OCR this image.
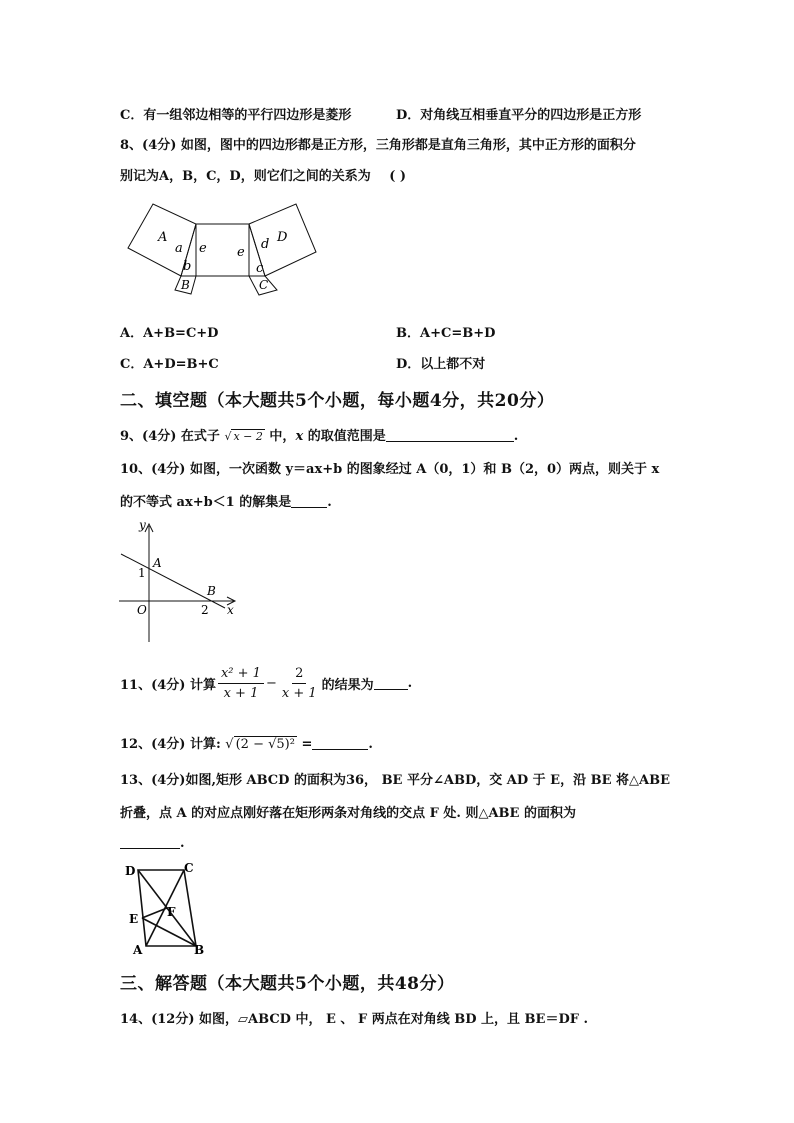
C．有一组邻边相等的平行四边形是菱形	D．对角线互相垂直平分的四边形是正方形
8、(4分) 如图，图中的四边形都是正方形，三角形都是直角三角形，其中正方形的面积分
别记为A，B，C，D，则它们之间的关系为 ( )
A
a
b
B
e e
d D
c
C
A．A+B=C+D	B．A+C=B+D
C．A+D=B+C	D．以上都不对
二、填空题（本大题共5个小题，每小题4分，共20分）
9、(4分) 在式子 √ x − 2 中，x 的取值范围是	.
10、(4分) 如图，一次函数 y＝ax+b 的图象经过 A（0，1）和 B（2，0）两点，则关于 x
的不等式 ax+b＜1 的解集是	.
y
x
A
B
O
1
2
11、(4分) 计算 $\frac{\text{x² + 1}}{x + 1} - \frac{2}{x + 1}$ 的结果为	.
12、(4分) 计算: √ (2 − √5)² =	.
13、(4分)如图,矩形 ABCD 的面积为36， BE 平分∠ABD，交 AD 于 E，沿 BE 将△ABE
折叠，点 A 的对应点刚好落在矩形两条对角线的交点 F 处. 则△ABE 的面积为
.
D	C
E F
A	B
三、解答题（本大题共5个小题，共48分）
14、(12分) 如图，▱ABCD 中， E 、 F 两点在对角线 BD 上，且 BE＝DF .
